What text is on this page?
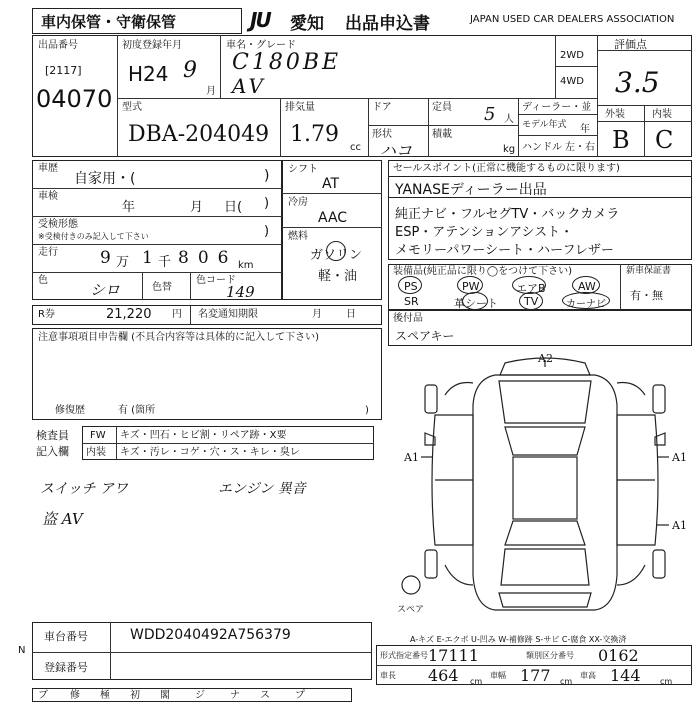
車内保管・守衛保管	JU 愛知 出品申込書	JAPAN USED CAR DEALERS ASSOCIATION
出品番号
[2117]
04070
初度登録年月
H24 9
月
車名・グレード
C180BE
AV
2WD
4WD
評価点
3.5
外装	内装
B C
型式
DBA-204049
排気量
1.79
cc
ドア
形状
ハコ
定員 5 人
積載
kg
ディーラー・並
モデル年式 年
ハンドル 左・右
車歴
自家用・(	)
車検
年	月 日( )
受検形態
※受検付きのみ記入して下さい	)
走行 9 万 1 千 806 km
色
シロ	色替
色コード
149
シフト
AT
冷房
AAC
燃料
ガソリン
軽・油
R券	21,220 円 名変通知期限	月 日
注意事項項目申告欄 (不具合内容等は具体的に記入して下さい)
修復歴	有 (箇所	)
検査員
記入欄
FW キズ・凹石・ヒビ割・リペア跡・X要
内装 キズ・汚レ・コゲ・穴・ス・キレ・臭レ
スイッチ アワ	エンジン 異音
盗 AV
セールスポイント(正常に機能するものに限ります)
YANASEディーラー出品
純正ナビ・フルセグTV・バックカメラ
ESP・アテンションアシスト・
メモリーパワーシート・ハーフレザー
装備品(純正品に限り◯をつけて下さい)
PS	PW	エアB	AW
SR	革シート TV	カーナビ
新車保証書
有・無
後付品
スペアキー
A2
A1	A1
A1
スペア
A-キズ E-エクボ U-凹み W-補修跡 S-サビ C-腐食 XX-交換済
車台番号	WDD2040492A756379
登録番号
N	形式指定番号 17111	類別区分番号 0162
車長 464 cm
車幅 177 cm
車高 144 cm
ブ 修 極 初 閣	ジ	ナ ス	プ
